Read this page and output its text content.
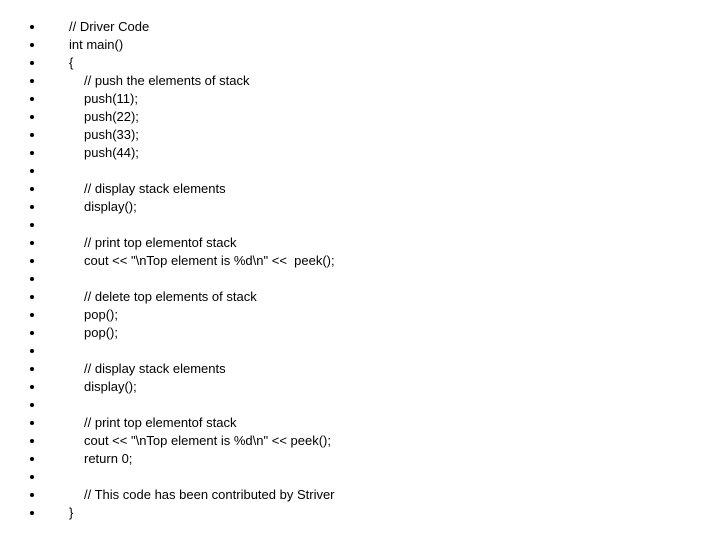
// Driver Code
int main()
{
// push the elements of stack
push(11);
push(22);
push(33);
push(44);
// display stack elements
display();
// print top elementof stack
cout << "\nTop element is %d\n" <<  peek();
// delete top elements of stack
pop();
pop();
// display stack elements
display();
// print top elementof stack
cout << "\nTop element is %d\n" << peek();
return 0;
// This code has been contributed by Striver
}
